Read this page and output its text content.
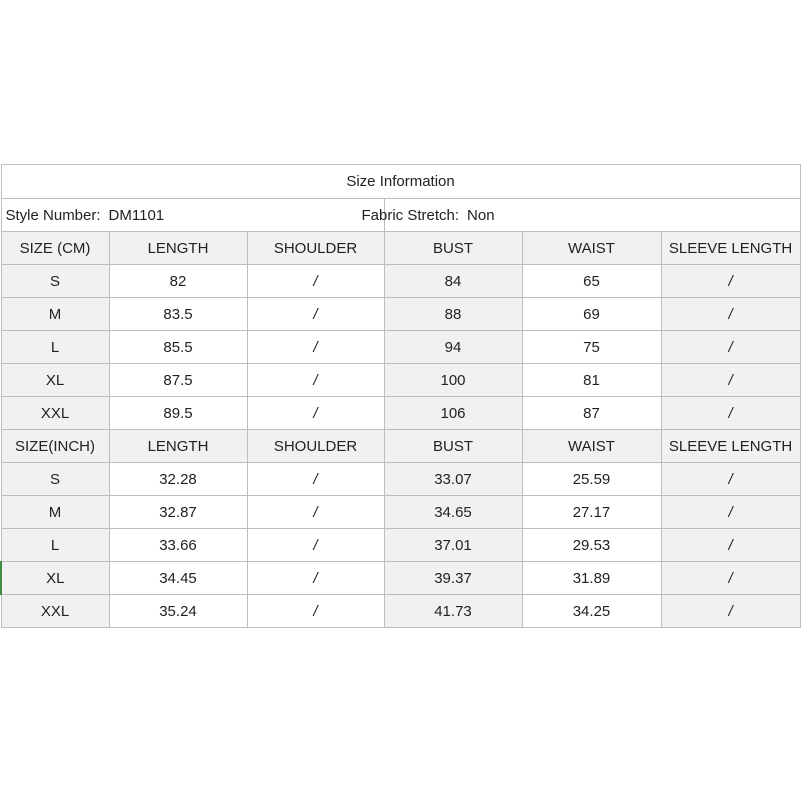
Size Information					
Style Number: DM1101			Fabric Stretch: Non		
SIZE (CM)	LENGTH	SHOULDER	BUST	WAIST	SLEEVE LENGTH
S	82	/	84	65	/
M	83.5	/	88	69	/
L	85.5	/	94	75	/
XL	87.5	/	100	81	/
XXL	89.5	/	106	87	/
SIZE(INCH)	LENGTH	SHOULDER	BUST	WAIST	SLEEVE LENGTH
S	32.28	/	33.07	25.59	/
M	32.87	/	34.65	27.17	/
L	33.66	/	37.01	29.53	/
XL	34.45	/	39.37	31.89	/
XXL	35.24	/	41.73	34.25	/
